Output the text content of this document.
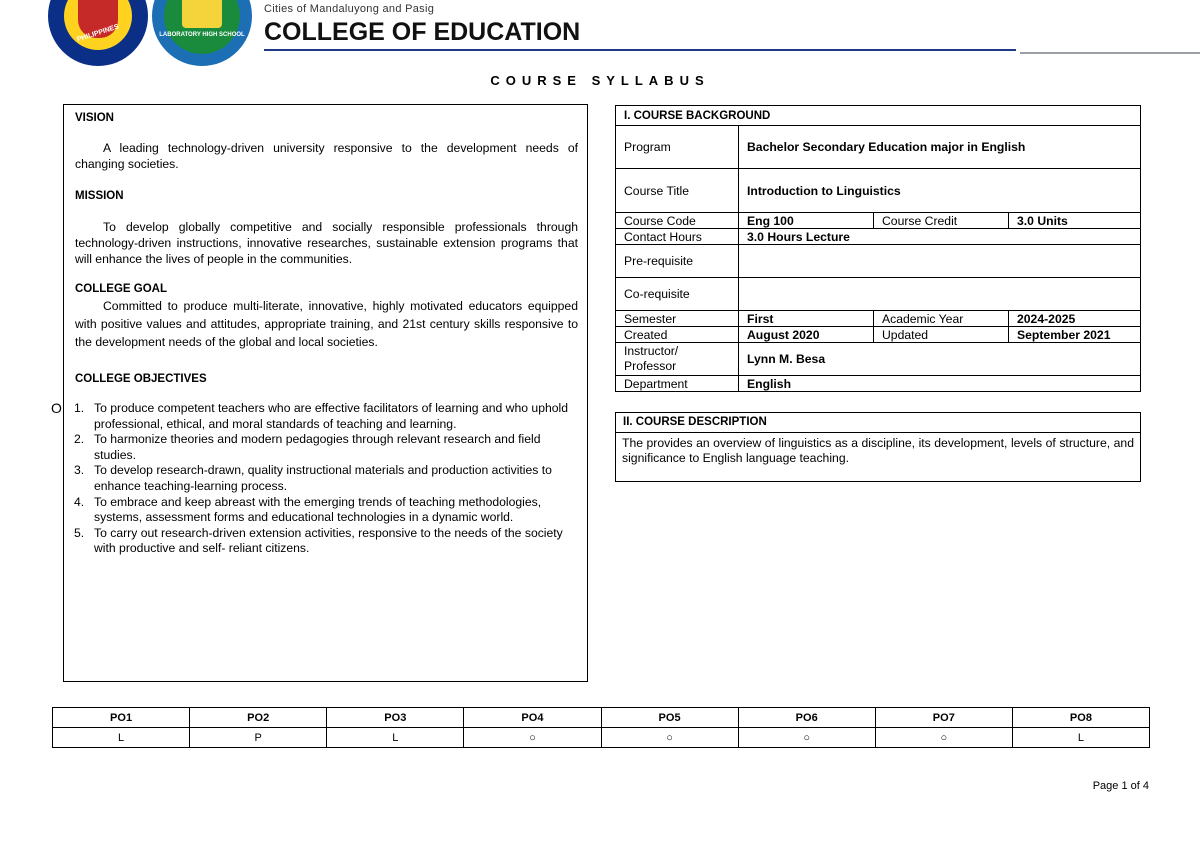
PHILIPPINES	LABORATORY HIGH SCHOOL
Cities of Mandaluyong and Pasig
COLLEGE OF EDUCATION
COURSE SYLLABUS
VISION
A leading technology-driven university responsive to the development needs of changing societies.
MISSION
To develop globally competitive and socially responsible professionals through technology-driven instructions, innovative researches, sustainable extension programs that will enhance the lives of people in the communities.
COLLEGE GOAL
Committed to produce multi-literate, innovative, highly motivated educators equipped with positive values and attitudes, appropriate training, and 21st century skills responsive to the development needs of the global and local societies.
COLLEGE OBJECTIVES
O 1. To produce competent teachers who are effective facilitators of learning and who uphold professional, ethical, and moral standards of teaching and learning.
2. To harmonize theories and modern pedagogies through relevant research and field studies.
3. To develop research-drawn, quality instructional materials and production activities to enhance teaching-learning process.
4. To embrace and keep abreast with the emerging trends of teaching methodologies, systems, assessment forms and educational technologies in a dynamic world.
5. To carry out research-driven extension activities, responsive to the needs of the society with productive and self- reliant citizens.
I. COURSE BACKGROUND			
Program	Bachelor Secondary Education major in English		
Course Title	Introduction to Linguistics		
Course Code	Eng 100	Course Credit	3.0 Units
Contact Hours	3.0 Hours Lecture		
Pre-requisite			
Co-requisite			
Semester	First	Academic Year	2024-2025
Created	August 2020	Updated	September 2021
Instructor/
Professor	Lynn M. Besa		
Department	English		
II. COURSE DESCRIPTION
The provides an overview of linguistics as a discipline, its development, levels of structure, and significance to English language teaching.
PO1	PO2	PO3	PO4	PO5	PO6	PO7	PO8
L	P	L	○	○	○	○	L
Page 1 of 4
